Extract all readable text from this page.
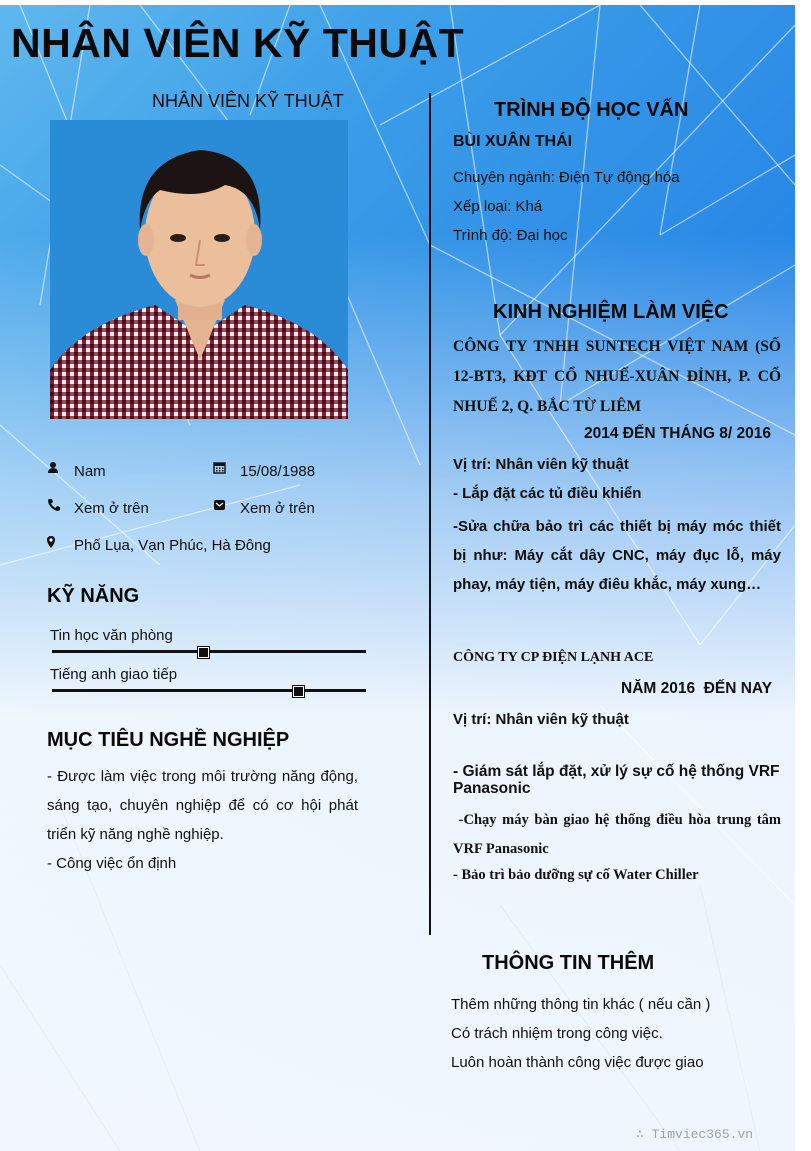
NHÂN VIÊN KỸ THUẬT
NHÂN VIÊN KỸ THUẬT
Nam	15/08/1988
Xem ở trên	Xem ở trên
Phố Lụa, Vạn Phúc, Hà Đông
KỸ NĂNG
Tin học văn phòng
Tiếng anh giao tiếp
MỤC TIÊU NGHỀ NGHIỆP
- Được làm việc trong môi trường năng động, sáng tạo, chuyên nghiệp để có cơ hội phát triển kỹ năng nghề nghiệp.
- Công việc ổn định
TRÌNH ĐỘ HỌC VẤN
BÙI XUÂN THÁI
Chuyên ngành: Điện Tự động hóa
Xếp loại: Khá
Trình độ: Đại học
KINH NGHIỆM LÀM VIỆC
CÔNG TY TNHH SUNTECH VIỆT NAM (SỐ 12-BT3, KĐT CỔ NHUẾ-XUÂN ĐỈNH, P. CỔ NHUẾ 2, Q. BẮC TỪ LIÊM
2014 ĐẾN THÁNG 8/ 2016
Vị trí: Nhân viên kỹ thuật
- Lắp đặt các tủ điều khiển
-Sửa chữa bảo trì các thiết bị máy móc thiết bị như: Máy cắt dây CNC, máy đục lỗ, máy phay, máy tiện, máy điêu khắc, máy xung…
CÔNG TY CP ĐIỆN LẠNH ACE
NĂM 2016  ĐẾN NAY
Vị trí: Nhân viên kỹ thuật
- Giám sát lắp đặt, xử lý sự cố hệ thống VRF Panasonic
-Chạy máy bàn giao hệ thống điều hòa trung tâm VRF Panasonic
- Bảo trì bảo dưỡng sự cố Water Chiller
THÔNG TIN THÊM
Thêm những thông tin khác ( nếu cần )
Có trách nhiệm trong công việc.
Luôn hoàn thành công việc được giao
∴ Timviec365.vn
